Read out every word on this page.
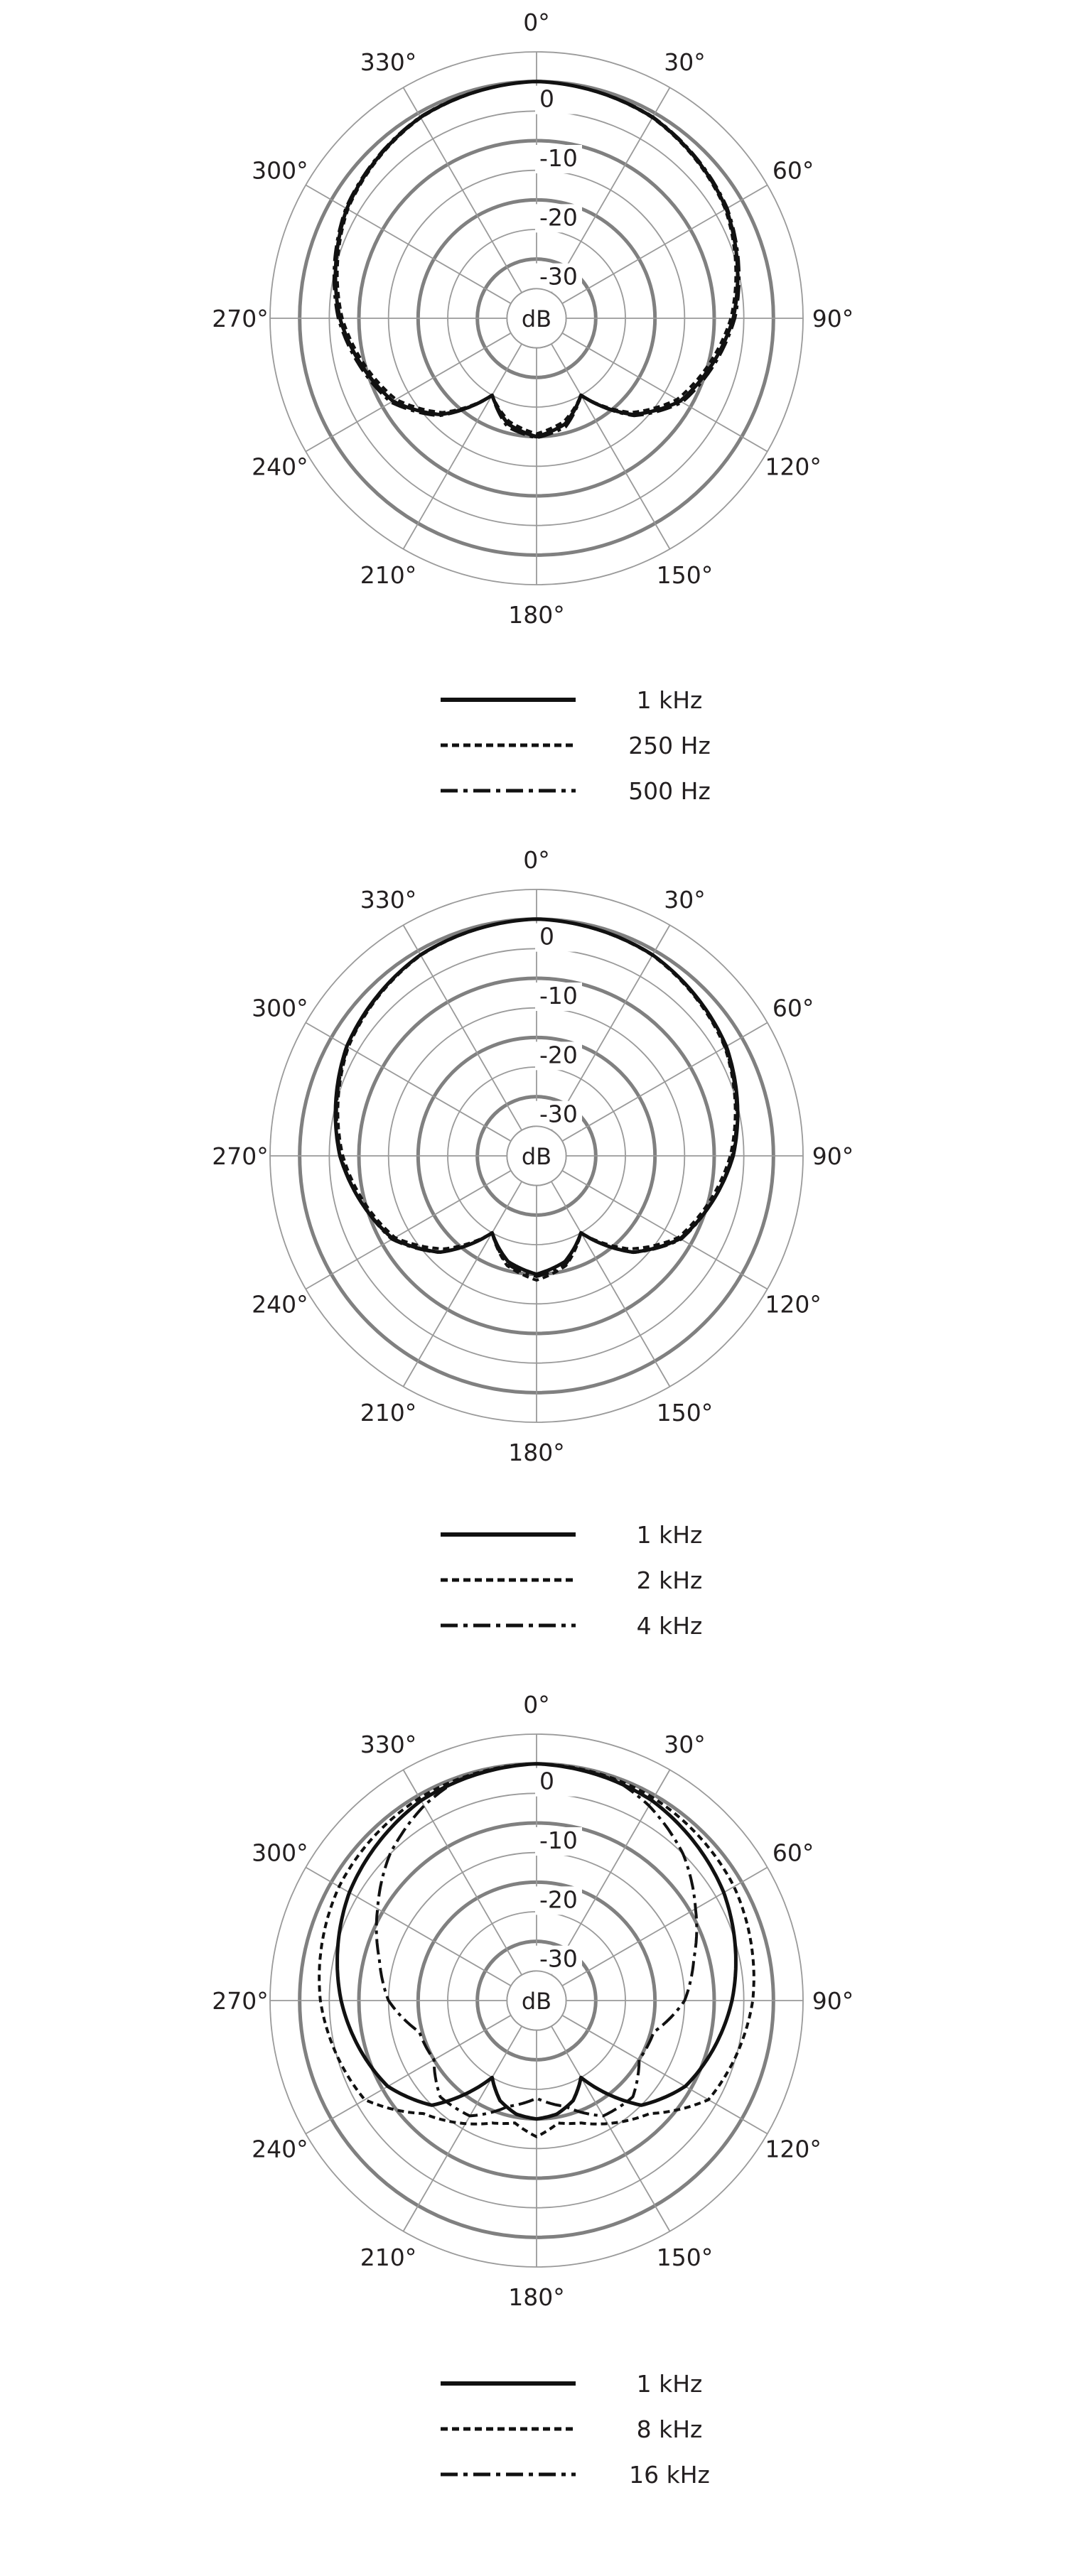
dB
0
-10
-20
-30
0°
30°
60°
90°
120°
150°
180°
210°
240°
270°
300°
330°
1 kHz
250 Hz
500 Hz
dB
0
-10
-20
-30
0°
30°
60°
90°
120°
150°
180°
210°
240°
270°
300°
330°
1 kHz
2 kHz
4 kHz
dB
0
-10
-20
-30
0°
30°
60°
90°
120°
150°
180°
210°
240°
270°
300°
330°
1 kHz
8 kHz
16 kHz
